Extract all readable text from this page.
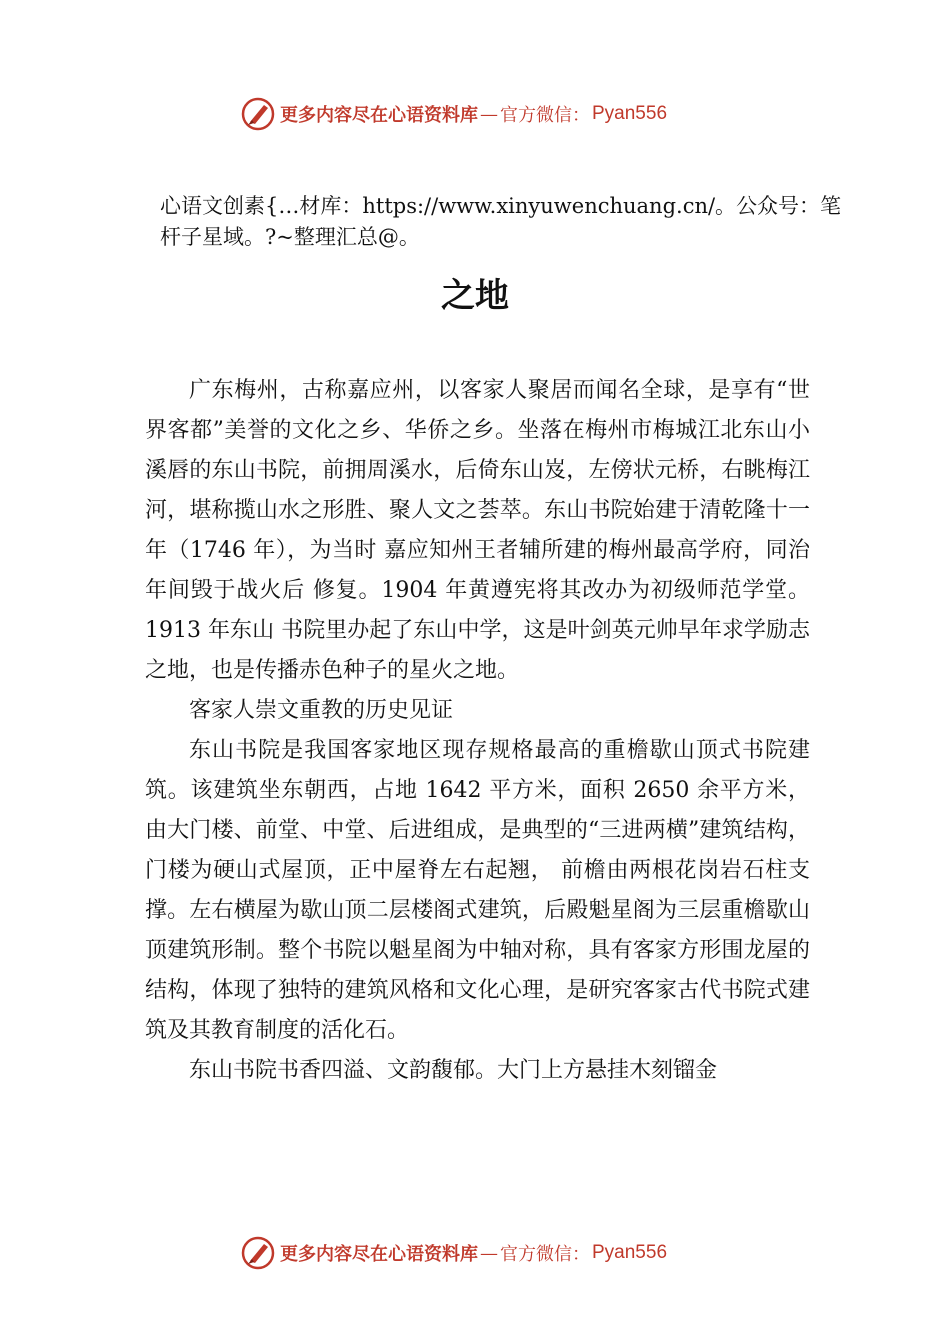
更多内容尽在心语资料库 — 官方微信： Pyan556
心语文创素{…材库：https://www.xinyuwenchuang.cn/。公众号：笔杆子星域。?~整理汇总@。
之地

广东梅州，古称嘉应州，以客家人聚居而闻名全球，是享有“世界客都”美誉的文化之乡、华侨之乡。坐落在梅州市梅城江北东山小溪唇的东山书院，前拥周溪水，后倚东山岌，左傍状元桥，右眺梅江河，堪称揽山水之形胜、聚人文之荟萃。东山书院始建于清乾隆十一年（1746 年），为当时 嘉应知州王者辅所建的梅州最高学府，同治年间毁于战火后 修复。1904 年黄遵宪将其改办为初级师范学堂。1913 年东山 书院里办起了东山中学，这是叶剑英元帅早年求学励志之地，也是传播赤色种子的星火之地。

客家人崇文重教的历史见证

东山书院是我国客家地区现存规格最高的重檐歇山顶式书院建筑。该建筑坐东朝西，占地 1642 平方米，面积 2650 余平方米，由大门楼、前堂、中堂、后进组成，是典型的“三进两横”建筑结构，门楼为硬山式屋顶，正中屋脊左右起翘， 前檐由两根花岗岩石柱支撑。左右横屋为歇山顶二层楼阁式建筑，后殿魁星阁为三层重檐歇山顶建筑形制。整个书院以魁星阁为中轴对称，具有客家方形围龙屋的结构，体现了独特的建筑风格和文化心理，是研究客家古代书院式建筑及其教育制度的活化石。

东山书院书香四溢、文韵馥郁。大门上方悬挂木刻镏金

更多内容尽在心语资料库 — 官方微信： Pyan556
